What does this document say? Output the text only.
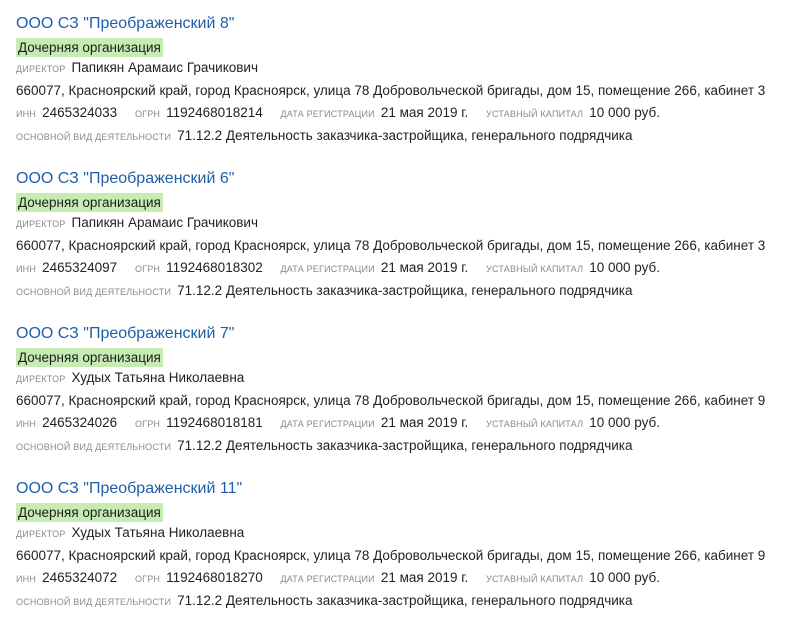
ООО СЗ "Преображенский 8"
Дочерняя организация
ДИРЕКТОР Папикян Арамаис Грачикович
660077, Красноярский край, город Красноярск, улица 78 Добровольческой бригады, дом 15, помещение 266, кабинет 3
ИНН 2465324033 ОГРН 1192468018214 ДАТА РЕГИСТРАЦИИ 21 мая 2019 г. УСТАВНЫЙ КАПИТАЛ 10 000 руб.
ОСНОВНОЙ ВИД ДЕЯТЕЛЬНОСТИ 71.12.2 Деятельность заказчика-застройщика, генерального подрядчика
ООО СЗ "Преображенский 6"
Дочерняя организация
ДИРЕКТОР Папикян Арамаис Грачикович
660077, Красноярский край, город Красноярск, улица 78 Добровольческой бригады, дом 15, помещение 266, кабинет 3
ИНН 2465324097 ОГРН 1192468018302 ДАТА РЕГИСТРАЦИИ 21 мая 2019 г. УСТАВНЫЙ КАПИТАЛ 10 000 руб.
ОСНОВНОЙ ВИД ДЕЯТЕЛЬНОСТИ 71.12.2 Деятельность заказчика-застройщика, генерального подрядчика
ООО СЗ "Преображенский 7"
Дочерняя организация
ДИРЕКТОР Худых Татьяна Николаевна
660077, Красноярский край, город Красноярск, улица 78 Добровольческой бригады, дом 15, помещение 266, кабинет 9
ИНН 2465324026 ОГРН 1192468018181 ДАТА РЕГИСТРАЦИИ 21 мая 2019 г. УСТАВНЫЙ КАПИТАЛ 10 000 руб.
ОСНОВНОЙ ВИД ДЕЯТЕЛЬНОСТИ 71.12.2 Деятельность заказчика-застройщика, генерального подрядчика
ООО СЗ "Преображенский 11"
Дочерняя организация
ДИРЕКТОР Худых Татьяна Николаевна
660077, Красноярский край, город Красноярск, улица 78 Добровольческой бригады, дом 15, помещение 266, кабинет 9
ИНН 2465324072 ОГРН 1192468018270 ДАТА РЕГИСТРАЦИИ 21 мая 2019 г. УСТАВНЫЙ КАПИТАЛ 10 000 руб.
ОСНОВНОЙ ВИД ДЕЯТЕЛЬНОСТИ 71.12.2 Деятельность заказчика-застройщика, генерального подрядчика
